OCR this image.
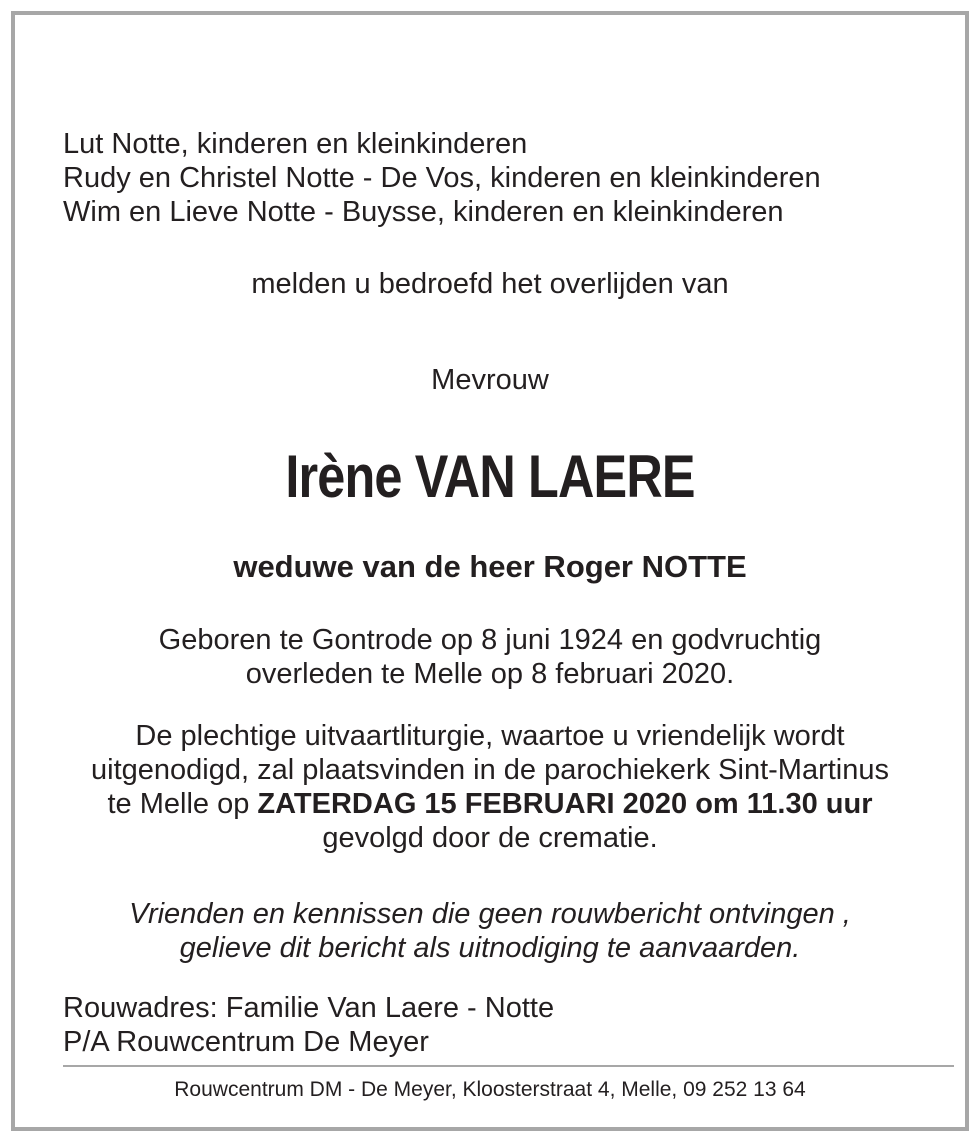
Lut Notte, kinderen en kleinkinderen
Rudy en Christel Notte - De Vos, kinderen en kleinkinderen
Wim en Lieve Notte - Buysse, kinderen en kleinkinderen
melden u bedroefd het overlijden van
Mevrouw
Irène VAN LAERE
weduwe van de heer Roger NOTTE
Geboren te Gontrode op 8 juni 1924 en godvruchtig
overleden te Melle op 8 februari 2020.
De plechtige uitvaartliturgie, waartoe u vriendelijk wordt
uitgenodigd, zal plaatsvinden in de parochiekerk Sint-Martinus
te Melle op ZATERDAG 15 FEBRUARI 2020 om 11.30 uur
gevolgd door de crematie.
Vrienden en kennissen die geen rouwbericht ontvingen ,
gelieve dit bericht als uitnodiging te aanvaarden.
Rouwadres: Familie Van Laere - Notte
P/A Rouwcentrum De Meyer
Rouwcentrum DM - De Meyer, Kloosterstraat 4, Melle, 09 252 13 64
